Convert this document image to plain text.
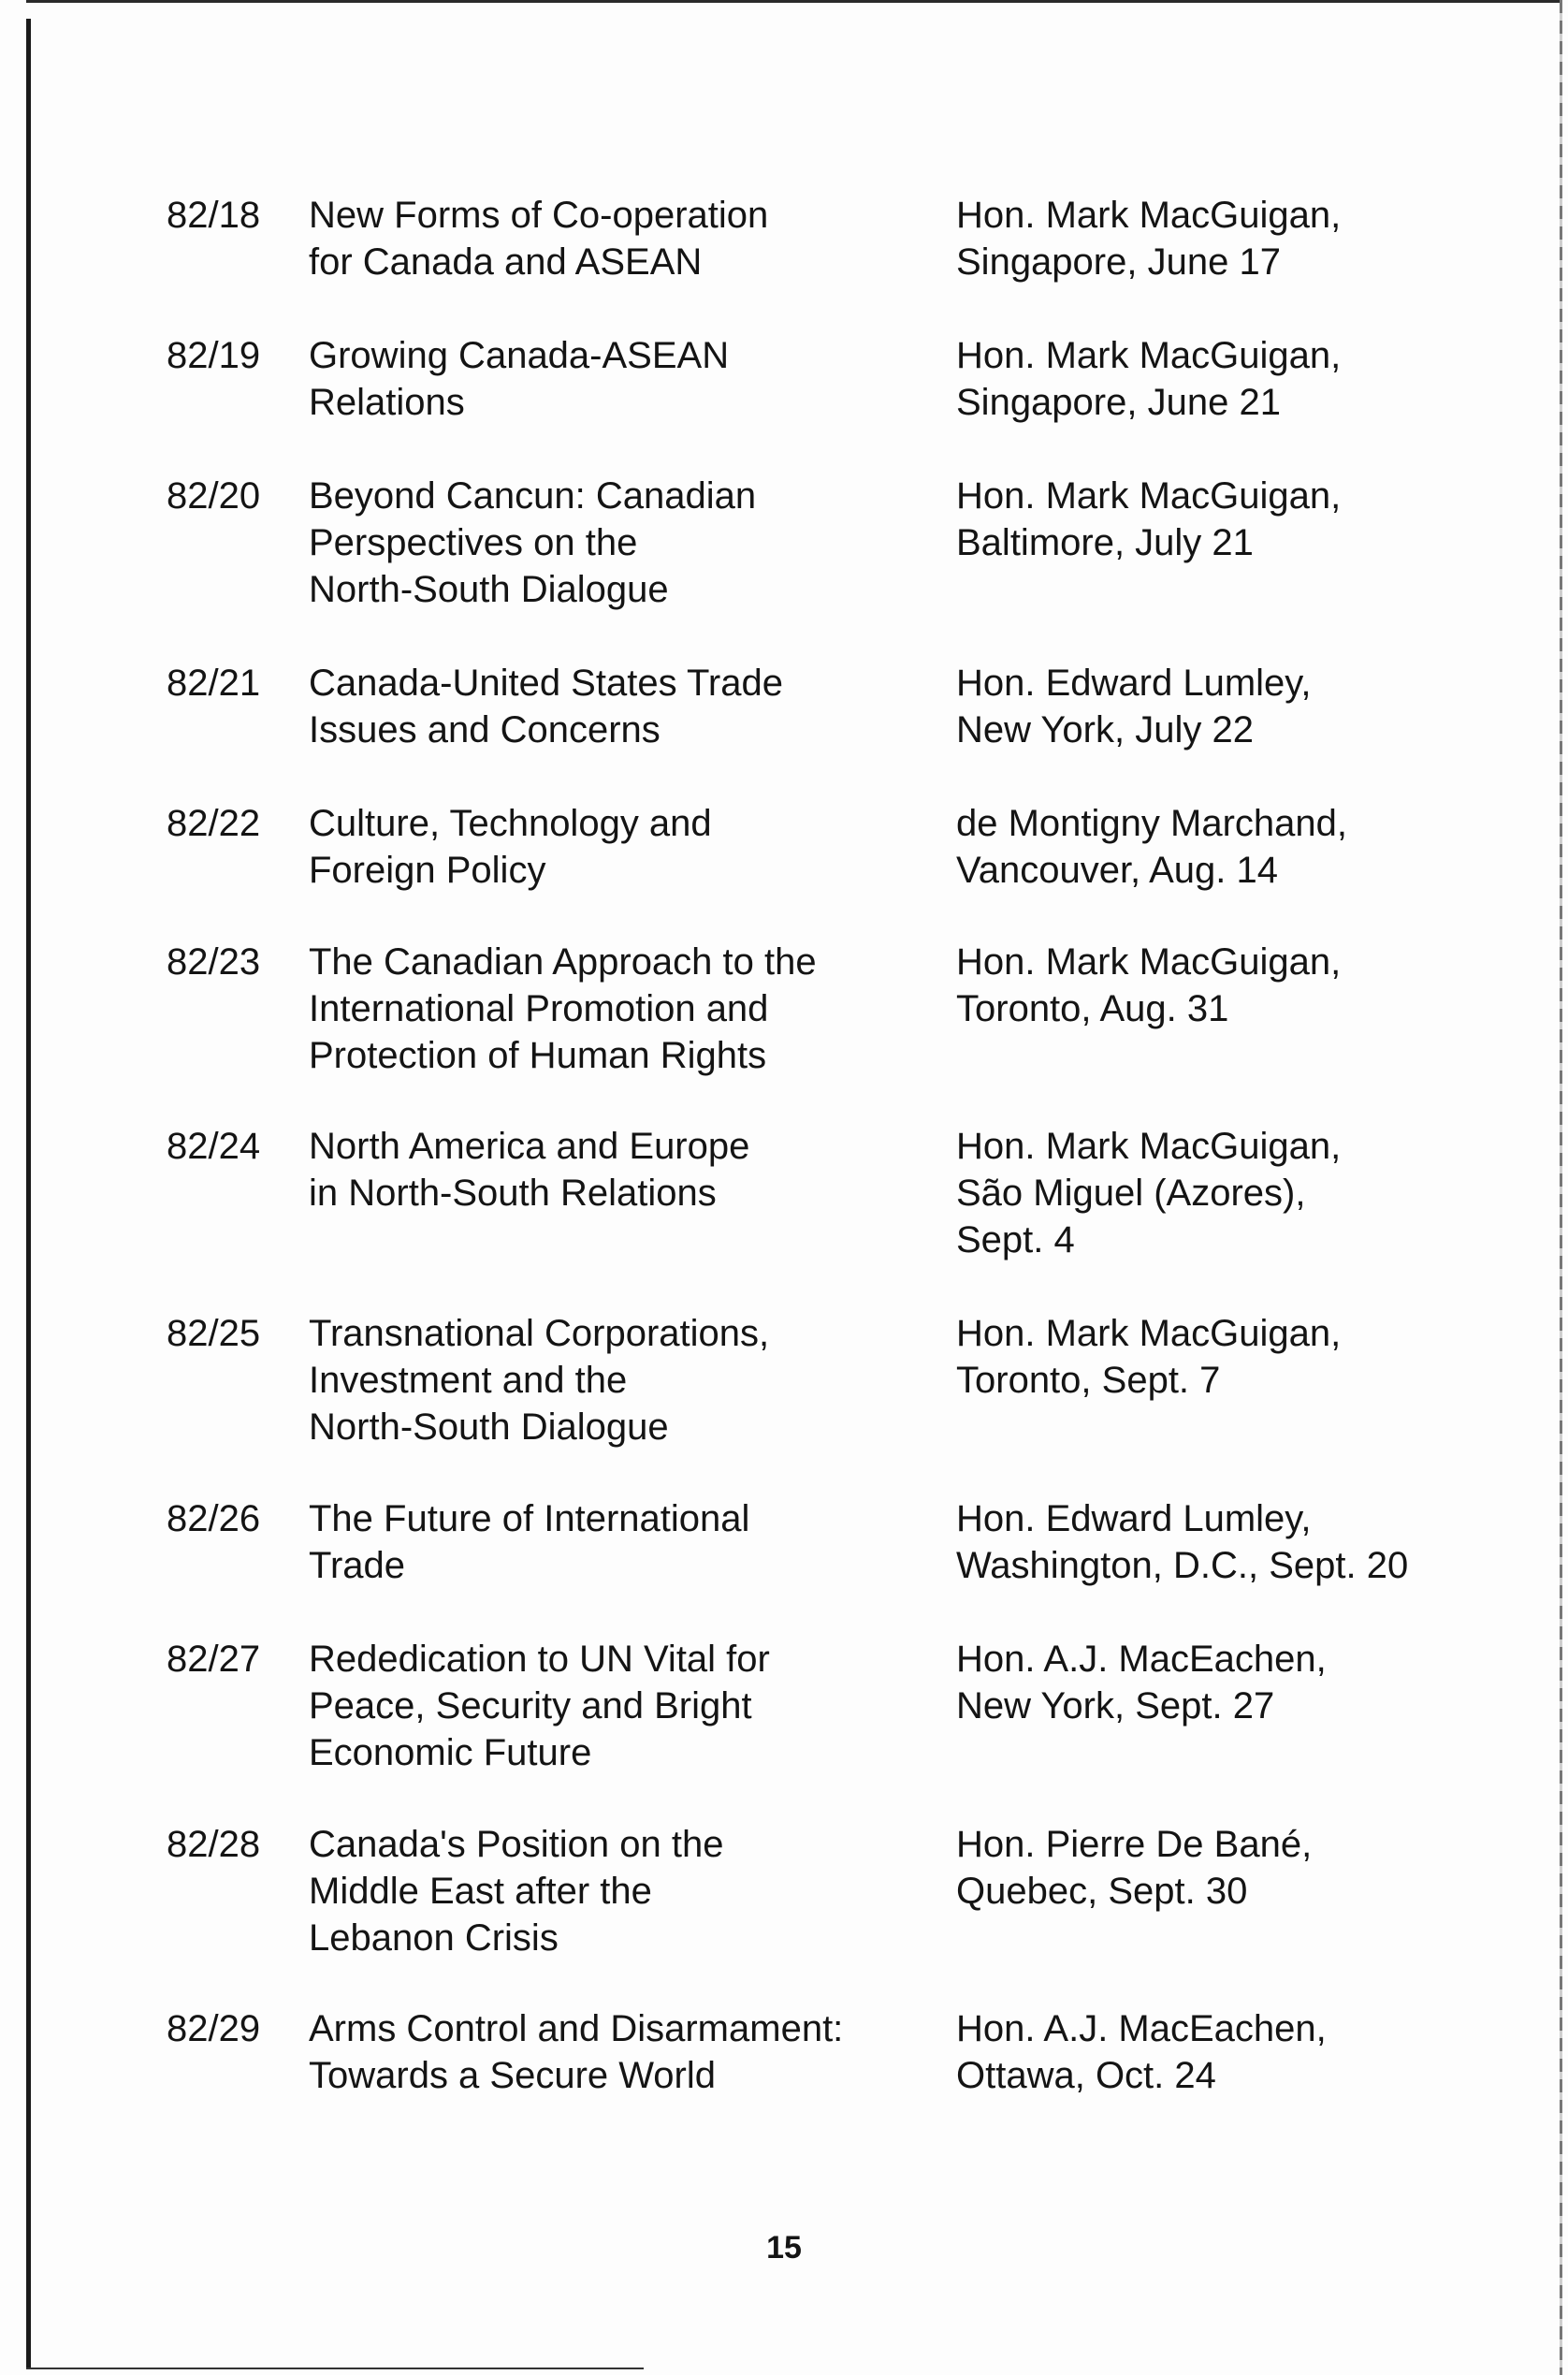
82/18 New Forms of Co-operation
for Canada and ASEAN
Hon. Mark MacGuigan,
Singapore, June 17
82/19 Growing Canada-ASEAN
Relations
Hon. Mark MacGuigan,
Singapore, June 21
82/20 Beyond Cancun: Canadian
Perspectives on the
North-South Dialogue
Hon. Mark MacGuigan,
Baltimore, July 21
82/21 Canada-United States Trade
Issues and Concerns
Hon. Edward Lumley,
New York, July 22
82/22 Culture, Technology and
Foreign Policy
de Montigny Marchand,
Vancouver, Aug. 14
82/23 The Canadian Approach to the
International Promotion and
Protection of Human Rights
Hon. Mark MacGuigan,
Toronto, Aug. 31
82/24 North America and Europe
in North-South Relations
Hon. Mark MacGuigan,
São Miguel (Azores),
Sept. 4
82/25 Transnational Corporations,
Investment and the
North-South Dialogue
Hon. Mark MacGuigan,
Toronto, Sept. 7
82/26 The Future of International
Trade
Hon. Edward Lumley,
Washington, D.C., Sept. 20
82/27 Rededication to UN Vital for
Peace, Security and Bright
Economic Future
Hon. A.J. MacEachen,
New York, Sept. 27
82/28 Canada's Position on the
Middle East after the
Lebanon Crisis
Hon. Pierre De Bané,
Quebec, Sept. 30
82/29 Arms Control and Disarmament:
Towards a Secure World
Hon. A.J. MacEachen,
Ottawa, Oct. 24
15
